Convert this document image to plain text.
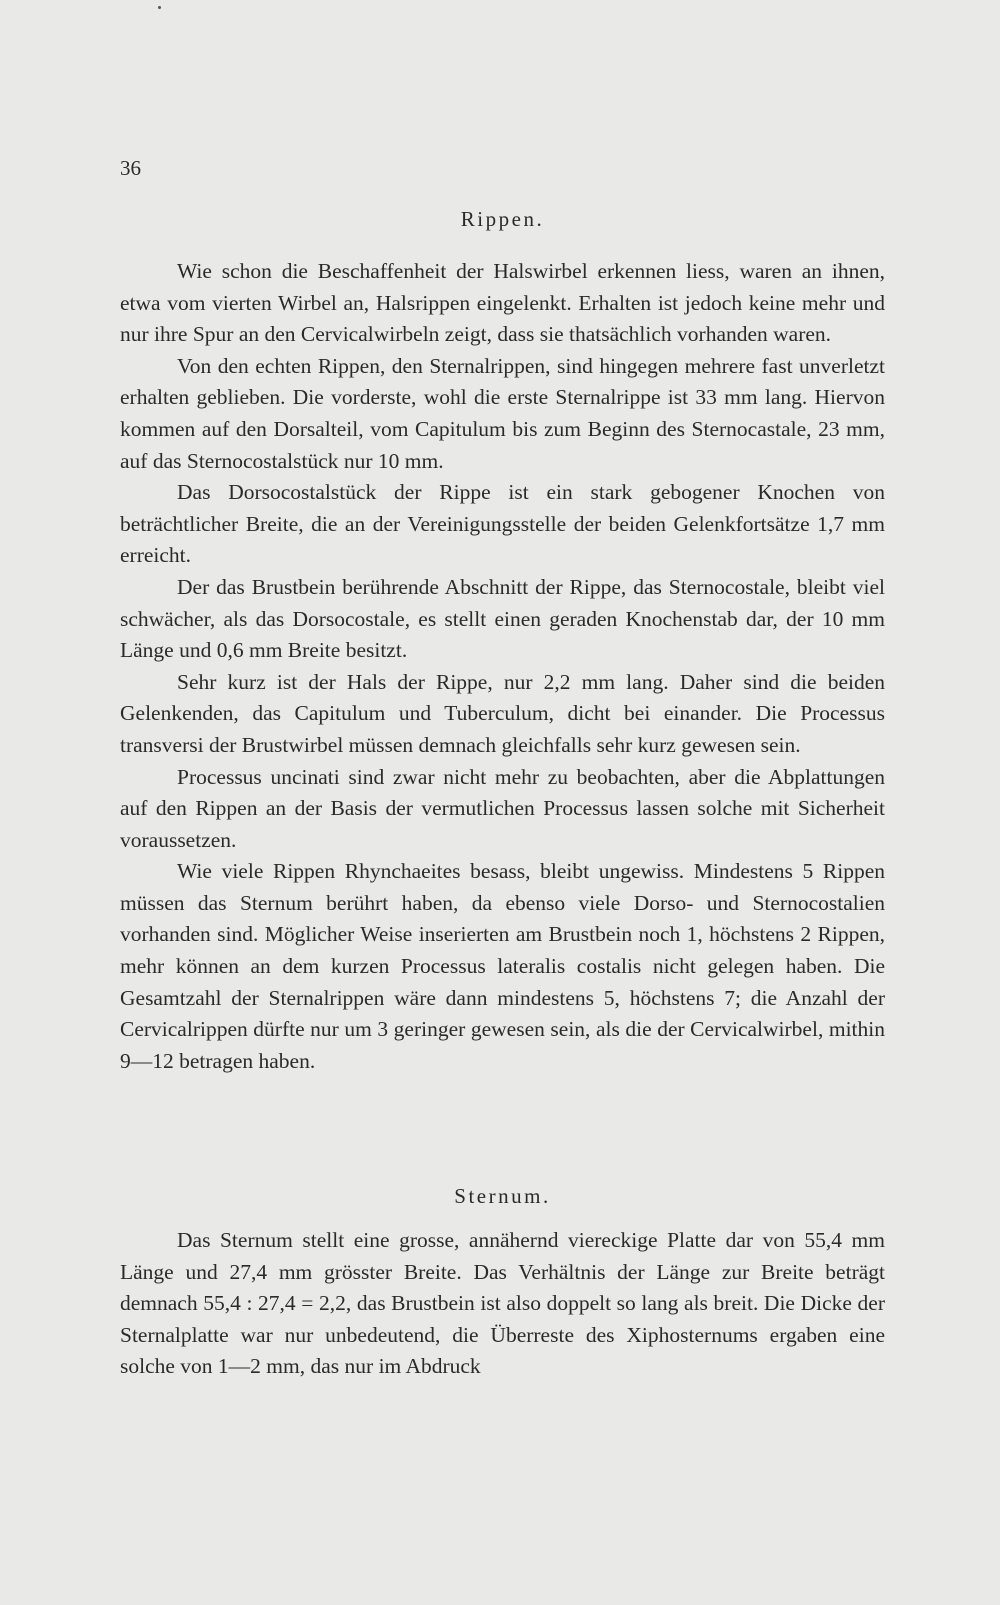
36
Rippen.

Wie schon die Beschaffenheit der Halswirbel erkennen liess, waren an ihnen, etwa vom vierten Wirbel an, Halsrippen eingelenkt. Erhalten ist jedoch keine mehr und nur ihre Spur an den Cervicalwirbeln zeigt, dass sie thatsächlich vorhanden waren.

Von den echten Rippen, den Sternalrippen, sind hingegen mehrere fast unverletzt erhalten geblieben. Die vorderste, wohl die erste Sternalrippe ist 33 mm lang. Hiervon kommen auf den Dorsalteil, vom Capitulum bis zum Beginn des Sternocastale, 23 mm, auf das Sternocostalstück nur 10 mm.

Das Dorsocostalstück der Rippe ist ein stark gebogener Knochen von beträchtlicher Breite, die an der Vereinigungsstelle der beiden Gelenkfortsätze 1,7 mm erreicht.

Der das Brustbein berührende Abschnitt der Rippe, das Sternocostale, bleibt viel schwächer, als das Dorsocostale, es stellt einen geraden Knochenstab dar, der 10 mm Länge und 0,6 mm Breite besitzt.

Sehr kurz ist der Hals der Rippe, nur 2,2 mm lang. Daher sind die beiden Gelenkenden, das Capitulum und Tuberculum, dicht bei einander. Die Processus transversi der Brustwirbel müssen demnach gleichfalls sehr kurz gewesen sein.

Processus uncinati sind zwar nicht mehr zu beobachten, aber die Abplattungen auf den Rippen an der Basis der vermutlichen Processus lassen solche mit Sicherheit voraussetzen.

Wie viele Rippen Rhynchaeites besass, bleibt ungewiss. Mindestens 5 Rippen müssen das Sternum berührt haben, da ebenso viele Dorso- und Sternocostalien vorhanden sind. Möglicher Weise inserierten am Brustbein noch 1, höchstens 2 Rippen, mehr können an dem kurzen Processus lateralis costalis nicht gelegen haben. Die Gesamtzahl der Sternalrippen wäre dann mindestens 5, höchstens 7; die Anzahl der Cervicalrippen dürfte nur um 3 geringer gewesen sein, als die der Cervicalwirbel, mithin 9—12 betragen haben.

Sternum.

Das Sternum stellt eine grosse, annähernd viereckige Platte dar von 55,4 mm Länge und 27,4 mm grösster Breite. Das Verhältnis der Länge zur Breite beträgt demnach 55,4 : 27,4 = 2,2, das Brustbein ist also doppelt so lang als breit. Die Dicke der Sternalplatte war nur unbedeutend, die Überreste des Xiphosternums ergaben eine solche von 1—2 mm, das nur im Abdruck
